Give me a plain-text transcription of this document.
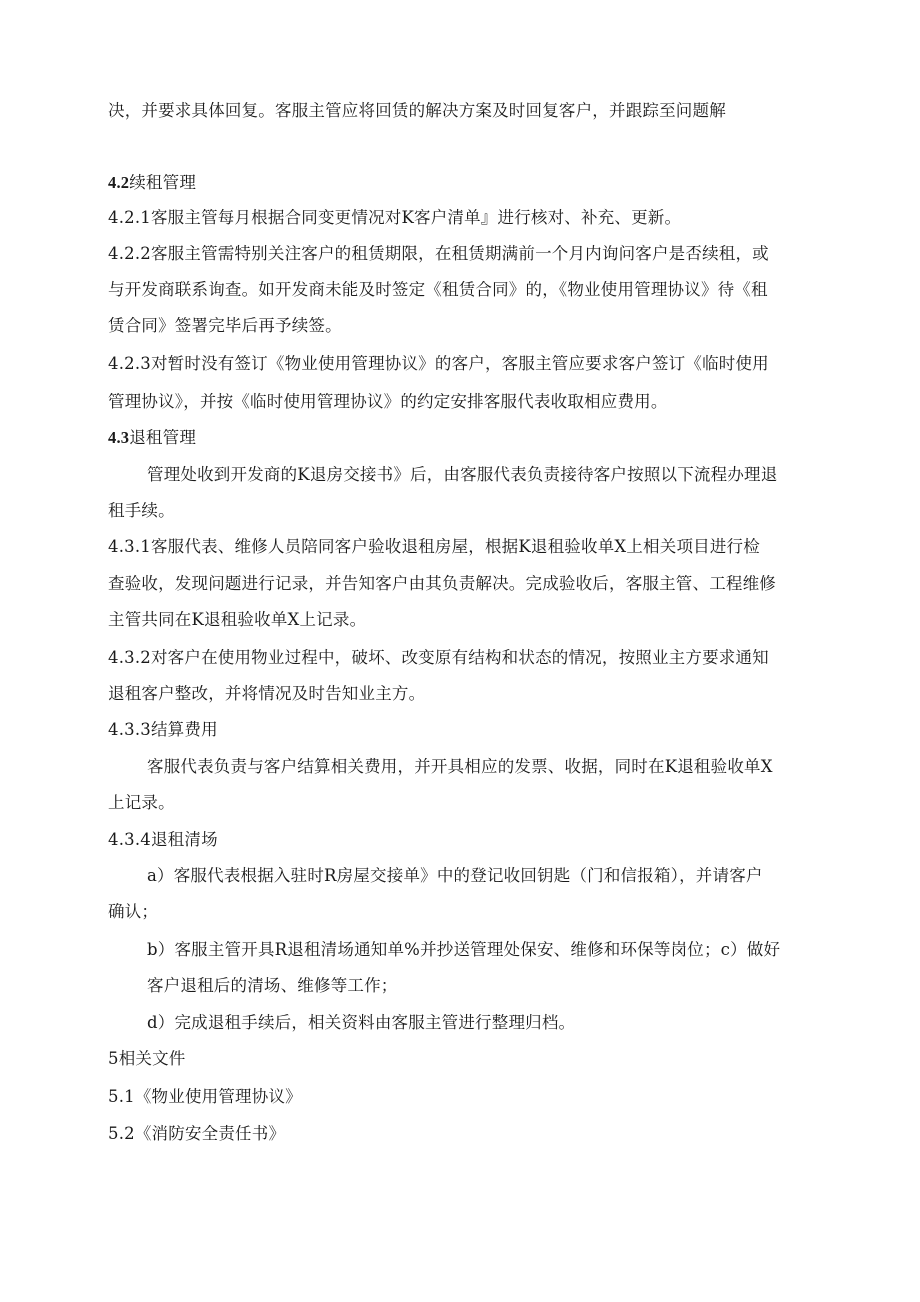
决，并要求具体回复。客服主管应将回赁的解决方案及时回复客户，并跟踪至问题解
4.2续租管理
4.2.1客服主管每月根据合同变更情况对K客户清单』进行核对、补充、更新。
4.2.2客服主管需特别关注客户的租赁期限，在租赁期满前一个月内询问客户是否续租，或
与开发商联系询查。如开发商未能及时签定《租赁合同》的，《物业使用管理协议》待《租
赁合同》签署完毕后再予续签。
4.2.3对暂时没有签订《物业使用管理协议》的客户，客服主管应要求客户签订《临时使用
管理协议》，并按《临时使用管理协议》的约定安排客服代表收取相应费用。
4.3退租管理
管理处收到开发商的K退房交接书》后，由客服代表负责接待客户按照以下流程办理退
租手续。
4.3.1客服代表、维修人员陪同客户验收退租房屋，根据K退租验收单X上相关项目进行检
查验收，发现问题进行记录，并告知客户由其负责解决。完成验收后，客服主管、工程维修
主管共同在K退租验收单X上记录。
4.3.2对客户在使用物业过程中，破坏、改变原有结构和状态的情况，按照业主方要求通知
退租客户整改，并将情况及时告知业主方。
4.3.3结算费用
客服代表负责与客户结算相关费用，并开具相应的发票、收据，同时在K退租验收单X
上记录。
4.3.4退租清场
a）客服代表根据入驻时R房屋交接单》中的登记收回钥匙（门和信报箱），并请客户
确认；
b）客服主管开具R退租清场通知单%并抄送管理处保安、维修和环保等岗位；c）做好
客户退租后的清场、维修等工作；
d）完成退租手续后，相关资料由客服主管进行整理归档。
5相关文件
5.1《物业使用管理协议》
5.2《消防安全责任书》
